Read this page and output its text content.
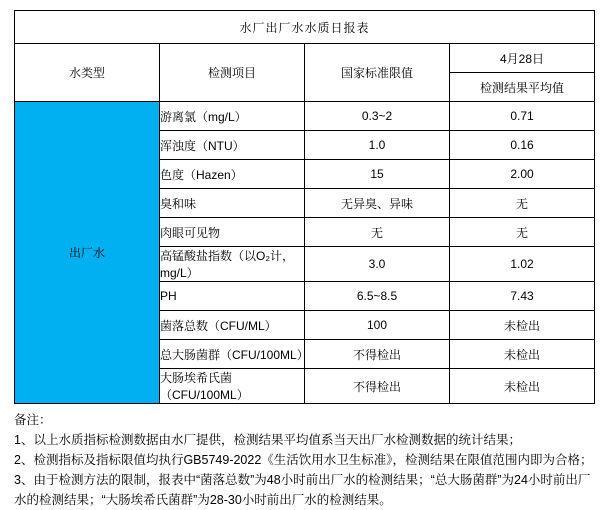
水厂出厂水水质日报表			
水类型	检测项目	国家标准限值	4月28日
			检测结果平均值
出厂水	游离氯（mg/L）	0.3~2	0.71
	浑浊度（NTU）	1.0	0.16
	色度（Hazen）	15	2.00
	臭和味	无异臭、异味	无
	肉眼可见物	无	无
	高锰酸盐指数（以O₂计，mg/L）	3.0	1.02
	PH	6.5~8.5	7.43
	菌落总数（CFU/ML）	100	未检出
	总大肠菌群（CFU/100ML）	不得检出	未检出
	大肠埃希氏菌（CFU/100ML）	不得检出	未检出
备注：
1、以上水质指标检测数据由水厂提供，检测结果平均值系当天出厂水检测数据的统计结果；
2、检测指标及指标限值均执行GB5749-2022《生活饮用水卫生标准》，检测结果在限值范围内即为合格；
3、由于检测方法的限制，报表中“菌落总数”为48小时前出厂水的检测结果；“总大肠菌群”为24小时前出厂水的检测结果；“大肠埃希氏菌群”为28-30小时前出厂水的检测结果。
